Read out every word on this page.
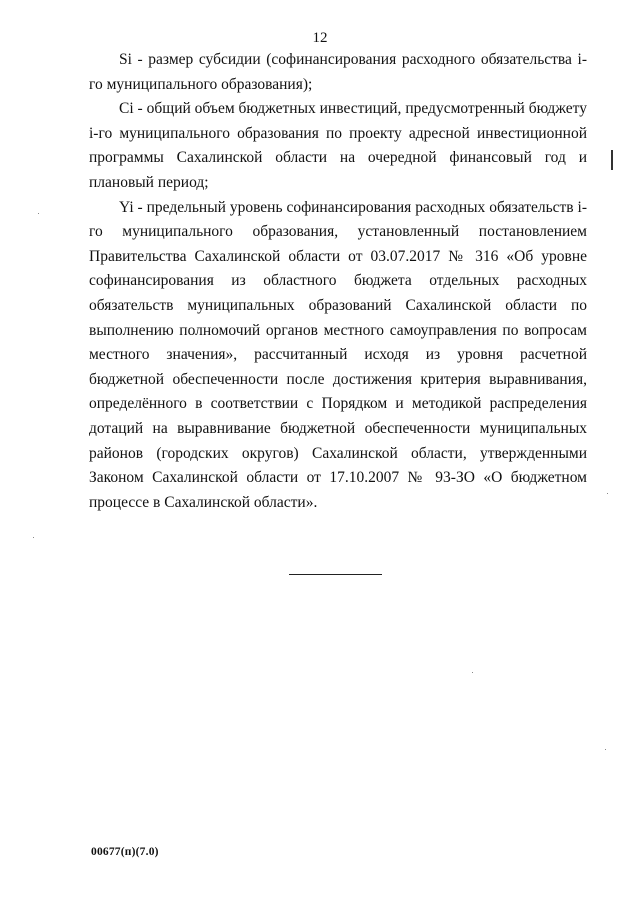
12

Si - размер субсидии (софинансирования расходного обязательства i-го муниципального образования);

Ci - общий объем бюджетных инвестиций, предусмотренный бюджету i-го муниципального образования по проекту адресной инвестиционной программы Сахалинской области на очередной финансовый год и плановый период;

Yi - предельный уровень софинансирования расходных обязательств i-го муниципального образования, установленный постановлением Правительства Сахалинской области от 03.07.2017 № 316 «Об уровне софинансирования из областного бюджета отдельных расходных обязательств муниципальных образований Сахалинской области по выполнению полномочий органов местного самоуправления по вопросам местного значения», рассчитанный исходя из уровня расчетной бюджетной обеспеченности после достижения критерия выравнивания, определённого в соответствии с Порядком и методикой распределения дотаций на выравнивание бюджетной обеспеченности муниципальных районов (городских округов) Сахалинской области, утвержденными Законом Сахалинской области от 17.10.2007 № 93-ЗО «О бюджетном процессе в Сахалинской области».

00677(п)(7.0)
